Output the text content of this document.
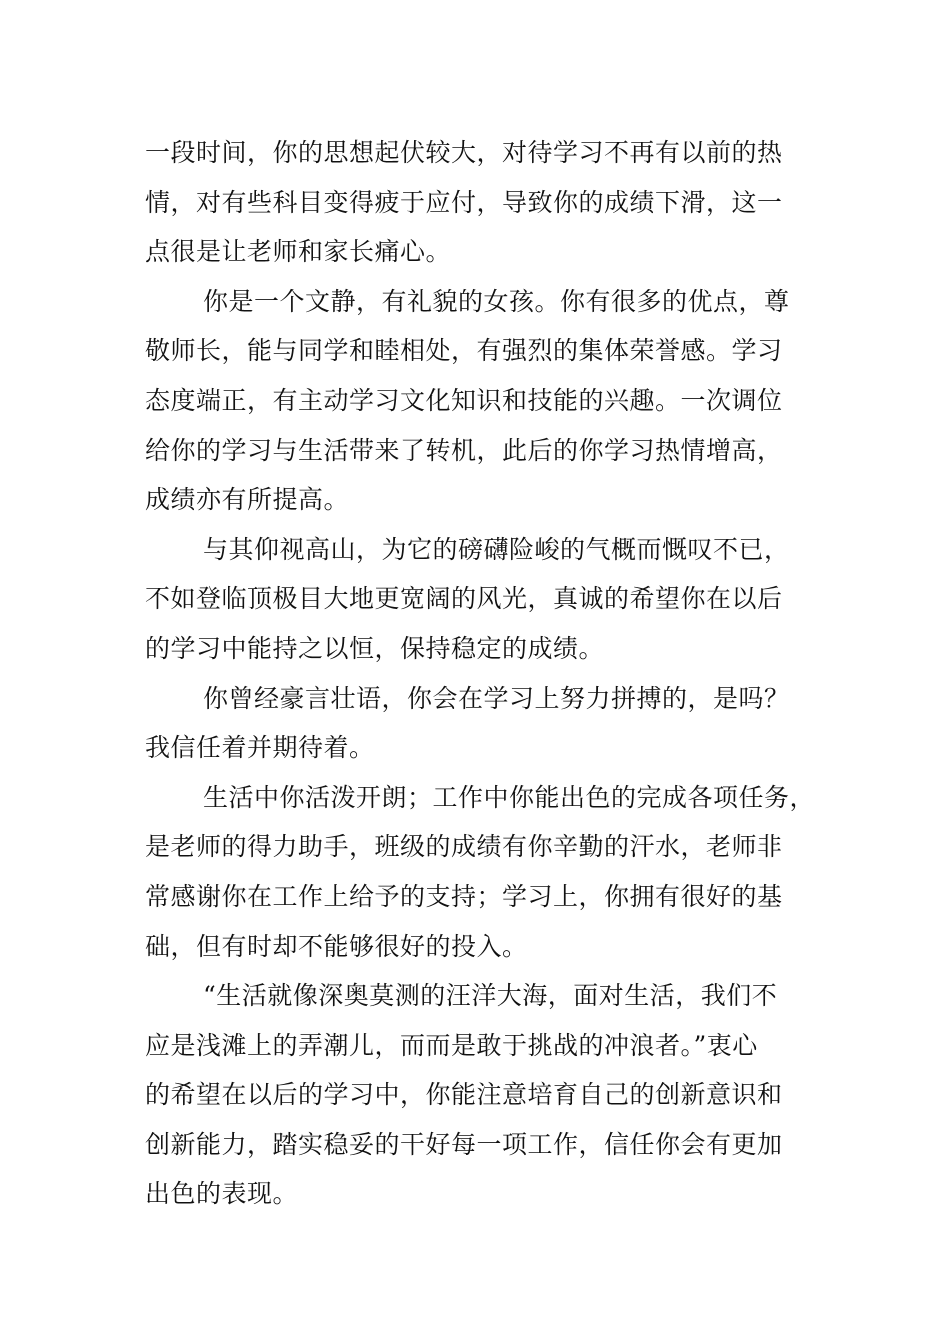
一段时间，你的思想起伏较大，对待学习不再有以前的热
情，对有些科目变得疲于应付，导致你的成绩下滑，这一
点很是让老师和家长痛心。
你是一个文静，有礼貌的女孩。你有很多的优点，尊
敬师长，能与同学和睦相处，有强烈的集体荣誉感。学习
态度端正，有主动学习文化知识和技能的兴趣。一次调位
给你的学习与生活带来了转机，此后的你学习热情增高，
成绩亦有所提高。
与其仰视高山，为它的磅礴险峻的气概而慨叹不已，
不如登临顶极目大地更宽阔的风光，真诚的希望你在以后
的学习中能持之以恒，保持稳定的成绩。
你曾经豪言壮语，你会在学习上努力拼搏的，是吗？
我信任着并期待着。
生活中你活泼开朗；工作中你能出色的完成各项任务，
是老师的得力助手，班级的成绩有你辛勤的汗水，老师非
常感谢你在工作上给予的支持；学习上，你拥有很好的基
础，但有时却不能够很好的投入。
“生活就像深奥莫测的汪洋大海，面对生活，我们不
应是浅滩上的弄潮儿，而而是敢于挑战的冲浪者。”衷心
的希望在以后的学习中，你能注意培育自己的创新意识和
创新能力，踏实稳妥的干好每一项工作，信任你会有更加
出色的表现。
